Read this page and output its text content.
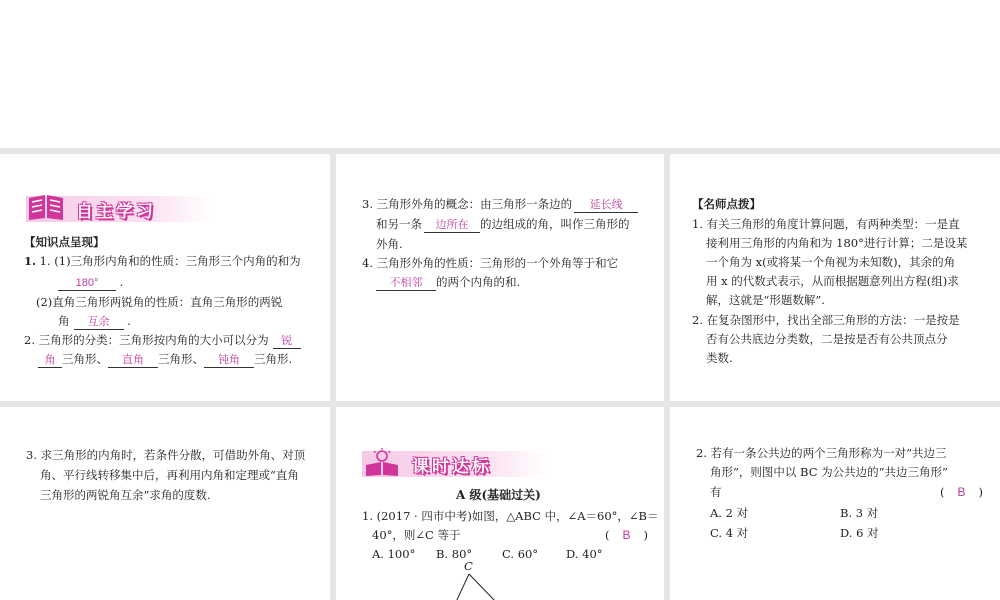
自主学习
【知识点呈现】
1. 1. (1)三角形内角和的性质：三角形三个内角的和为
180° .
(2)直角三角形两锐角的性质：直角三角形的两锐
角 互余 .
2. 三角形的分类：三角形按内角的大小可以分为 锐
角 三角形、 直角 三角形、 钝角 三角形.
3. 三角形外角的概念：由三角形一条边的 延长线
和另一条 边所在 的边组成的角，叫作三角形的
外角.
4. 三角形外角的性质：三角形的一个外角等于和它
不相邻 的两个内角的和.
【名师点拨】
1. 有关三角形的角度计算问题，有两种类型：一是直
接利用三角形的内角和为 180°进行计算；二是设某
一个角为 x(或将某一个角视为未知数)，其余的角
用 x 的代数式表示，从而根据题意列出方程(组)求
解，这就是“形题数解”.
2. 在复杂图形中，找出全部三角形的方法：一是按是
否有公共底边分类数，二是按是否有公共顶点分
类数.
3. 求三角形的内角时，若条件分散，可借助外角、对顶
角、平行线转移集中后，再利用内角和定理或“直角
三角形的两锐角互余”求角的度数.
课时达标
A 级(基础过关)
1. (2017 · 四市中考)如图，△ABC 中，∠A＝60°，∠B＝
40°，则∠C 等于	( B )
A. 100° B. 80°	C. 60° D. 40°
C
2. 若有一条公共边的两个三角形称为一对“共边三
角形”，则图中以 BC 为公共边的“共边三角形”
有	( B )
A. 2 对	B. 3 对
C. 4 对	D. 6 对
